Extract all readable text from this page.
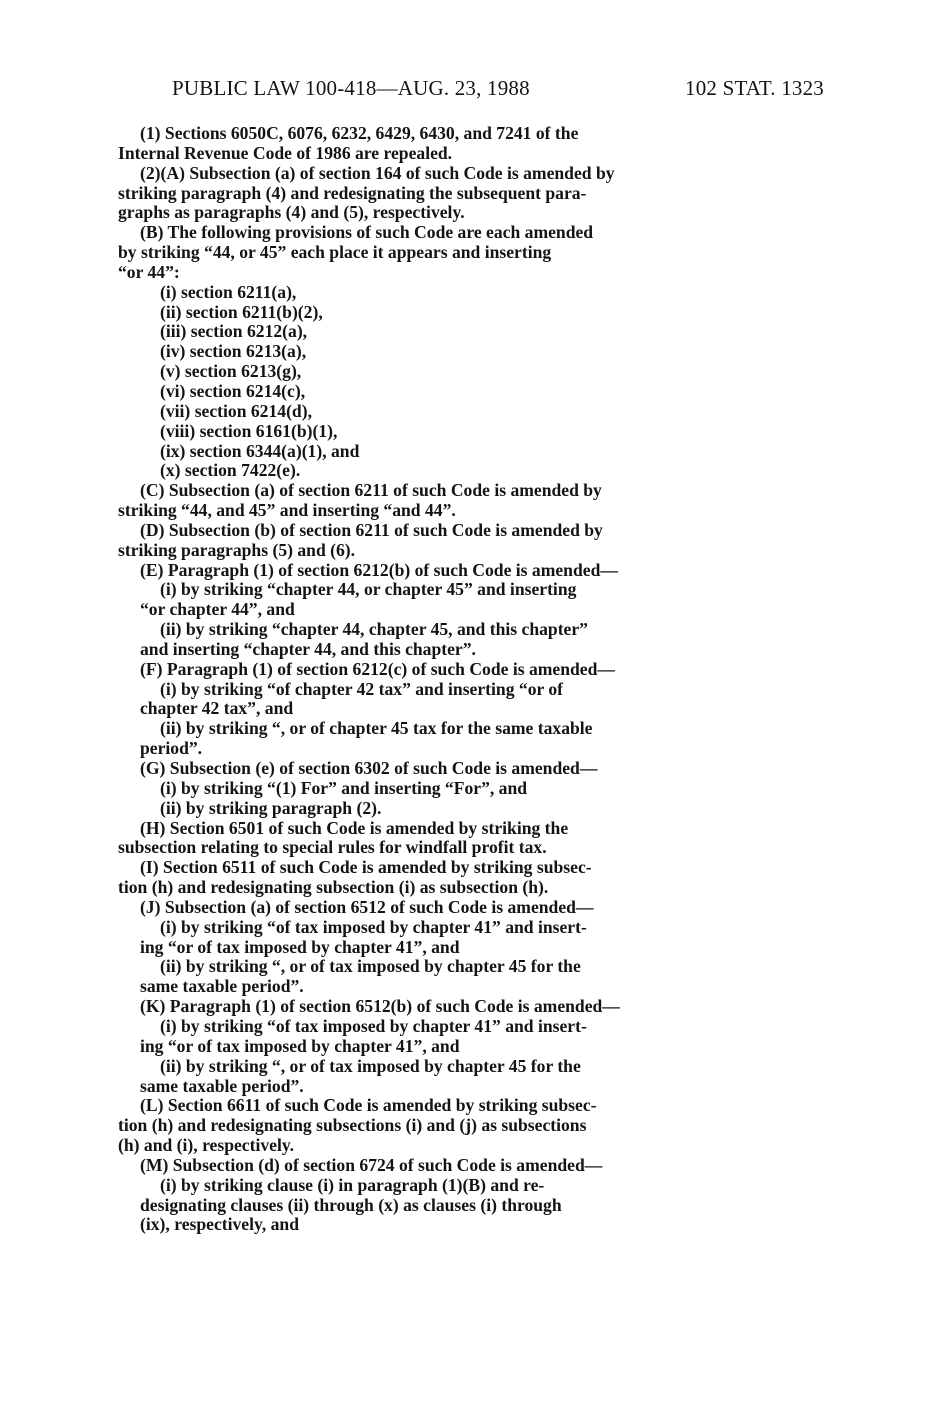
PUBLIC LAW 100-418—AUG. 23, 1988	102 STAT. 1323
(1) Sections 6050C, 6076, 6232, 6429, 6430, and 7241 of the
Internal Revenue Code of 1986 are repealed.
(2)(A) Subsection (a) of section 164 of such Code is amended by
striking paragraph (4) and redesignating the subsequent para-
graphs as paragraphs (4) and (5), respectively.
(B) The following provisions of such Code are each amended
by striking “44, or 45” each place it appears and inserting
“or 44”:
(i) section 6211(a),
(ii) section 6211(b)(2),
(iii) section 6212(a),
(iv) section 6213(a),
(v) section 6213(g),
(vi) section 6214(c),
(vii) section 6214(d),
(viii) section 6161(b)(1),
(ix) section 6344(a)(1), and
(x) section 7422(e).
(C) Subsection (a) of section 6211 of such Code is amended by
striking “44, and 45” and inserting “and 44”.
(D) Subsection (b) of section 6211 of such Code is amended by
striking paragraphs (5) and (6).
(E) Paragraph (1) of section 6212(b) of such Code is amended—
(i) by striking “chapter 44, or chapter 45” and inserting
“or chapter 44”, and
(ii) by striking “chapter 44, chapter 45, and this chapter”
and inserting “chapter 44, and this chapter”.
(F) Paragraph (1) of section 6212(c) of such Code is amended—
(i) by striking “of chapter 42 tax” and inserting “or of
chapter 42 tax”, and
(ii) by striking “, or of chapter 45 tax for the same taxable
period”.
(G) Subsection (e) of section 6302 of such Code is amended—
(i) by striking “(1) For” and inserting “For”, and
(ii) by striking paragraph (2).
(H) Section 6501 of such Code is amended by striking the
subsection relating to special rules for windfall profit tax.
(I) Section 6511 of such Code is amended by striking subsec-
tion (h) and redesignating subsection (i) as subsection (h).
(J) Subsection (a) of section 6512 of such Code is amended—
(i) by striking “of tax imposed by chapter 41” and insert-
ing “or of tax imposed by chapter 41”, and
(ii) by striking “, or of tax imposed by chapter 45 for the
same taxable period”.
(K) Paragraph (1) of section 6512(b) of such Code is amended—
(i) by striking “of tax imposed by chapter 41” and insert-
ing “or of tax imposed by chapter 41”, and
(ii) by striking “, or of tax imposed by chapter 45 for the
same taxable period”.
(L) Section 6611 of such Code is amended by striking subsec-
tion (h) and redesignating subsections (i) and (j) as subsections
(h) and (i), respectively.
(M) Subsection (d) of section 6724 of such Code is amended—
(i) by striking clause (i) in paragraph (1)(B) and re-
designating clauses (ii) through (x) as clauses (i) through
(ix), respectively, and
